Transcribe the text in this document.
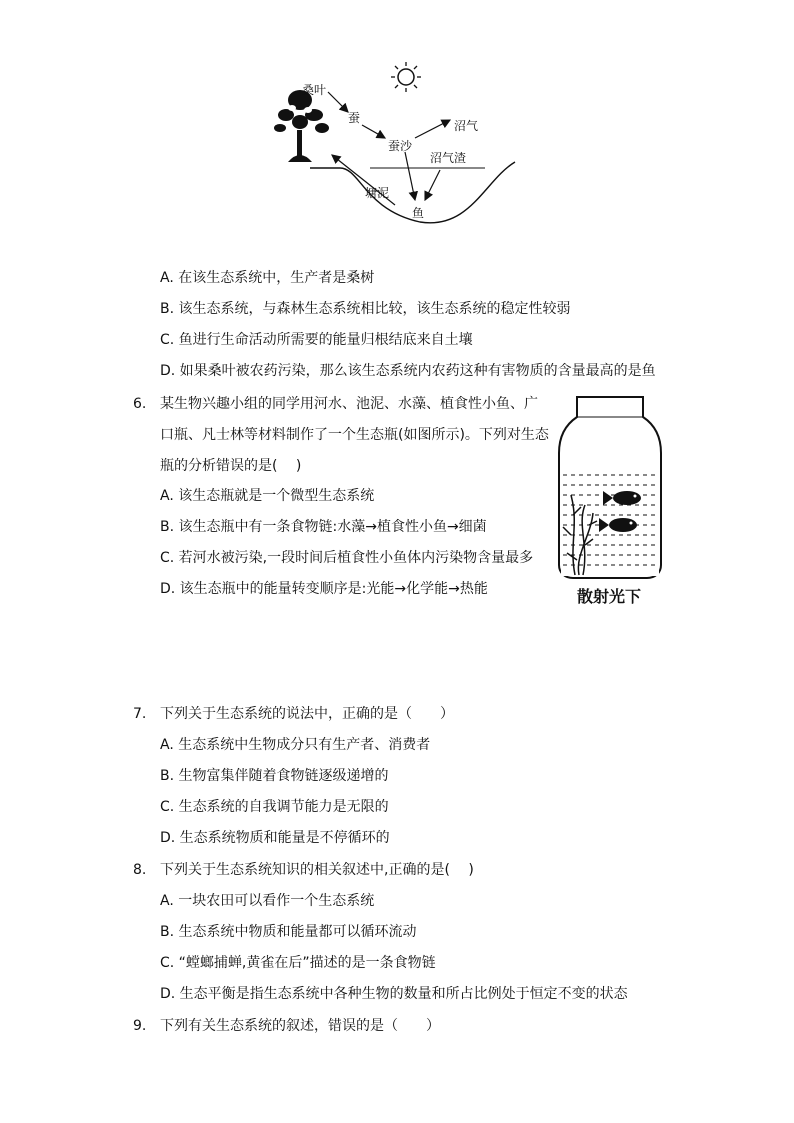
桑叶
蚕
蚕沙
沼气
沼气渣
塘泥
鱼
A. 在该生态系统中，生产者是桑树
B. 该生态系统，与森林生态系统相比较，该生态系统的稳定性较弱
C. 鱼进行生命活动所需要的能量归根结底来自土壤
D. 如果桑叶被农药污染，那么该生态系统内农药这种有害物质的含量最高的是鱼
6. 某生物兴趣小组的同学用河水、池泥、水藻、植食性小鱼、广
口瓶、凡士林等材料制作了一个生态瓶(如图所示)。下列对生态
瓶的分析错误的是(　 )
A. 该生态瓶就是一个微型生态系统
B. 该生态瓶中有一条食物链:水藻→植食性小鱼→细菌
C. 若河水被污染,一段时间后植食性小鱼体内污染物含量最多
D. 该生态瓶中的能量转变顺序是:光能→化学能→热能	散射光下
7. 下列关于生态系统的说法中，正确的是（　　）
A. 生态系统中生物成分只有生产者、消费者
B. 生物富集伴随着食物链逐级递增的
C. 生态系统的自我调节能力是无限的
D. 生态系统物质和能量是不停循环的
8. 下列关于生态系统知识的相关叙述中,正确的是(　 )
A. 一块农田可以看作一个生态系统
B. 生态系统中物质和能量都可以循环流动
C. “螳螂捕蝉,黄雀在后”描述的是一条食物链
D. 生态平衡是指生态系统中各种生物的数量和所占比例处于恒定不变的状态
9. 下列有关生态系统的叙述，错误的是（　　）
